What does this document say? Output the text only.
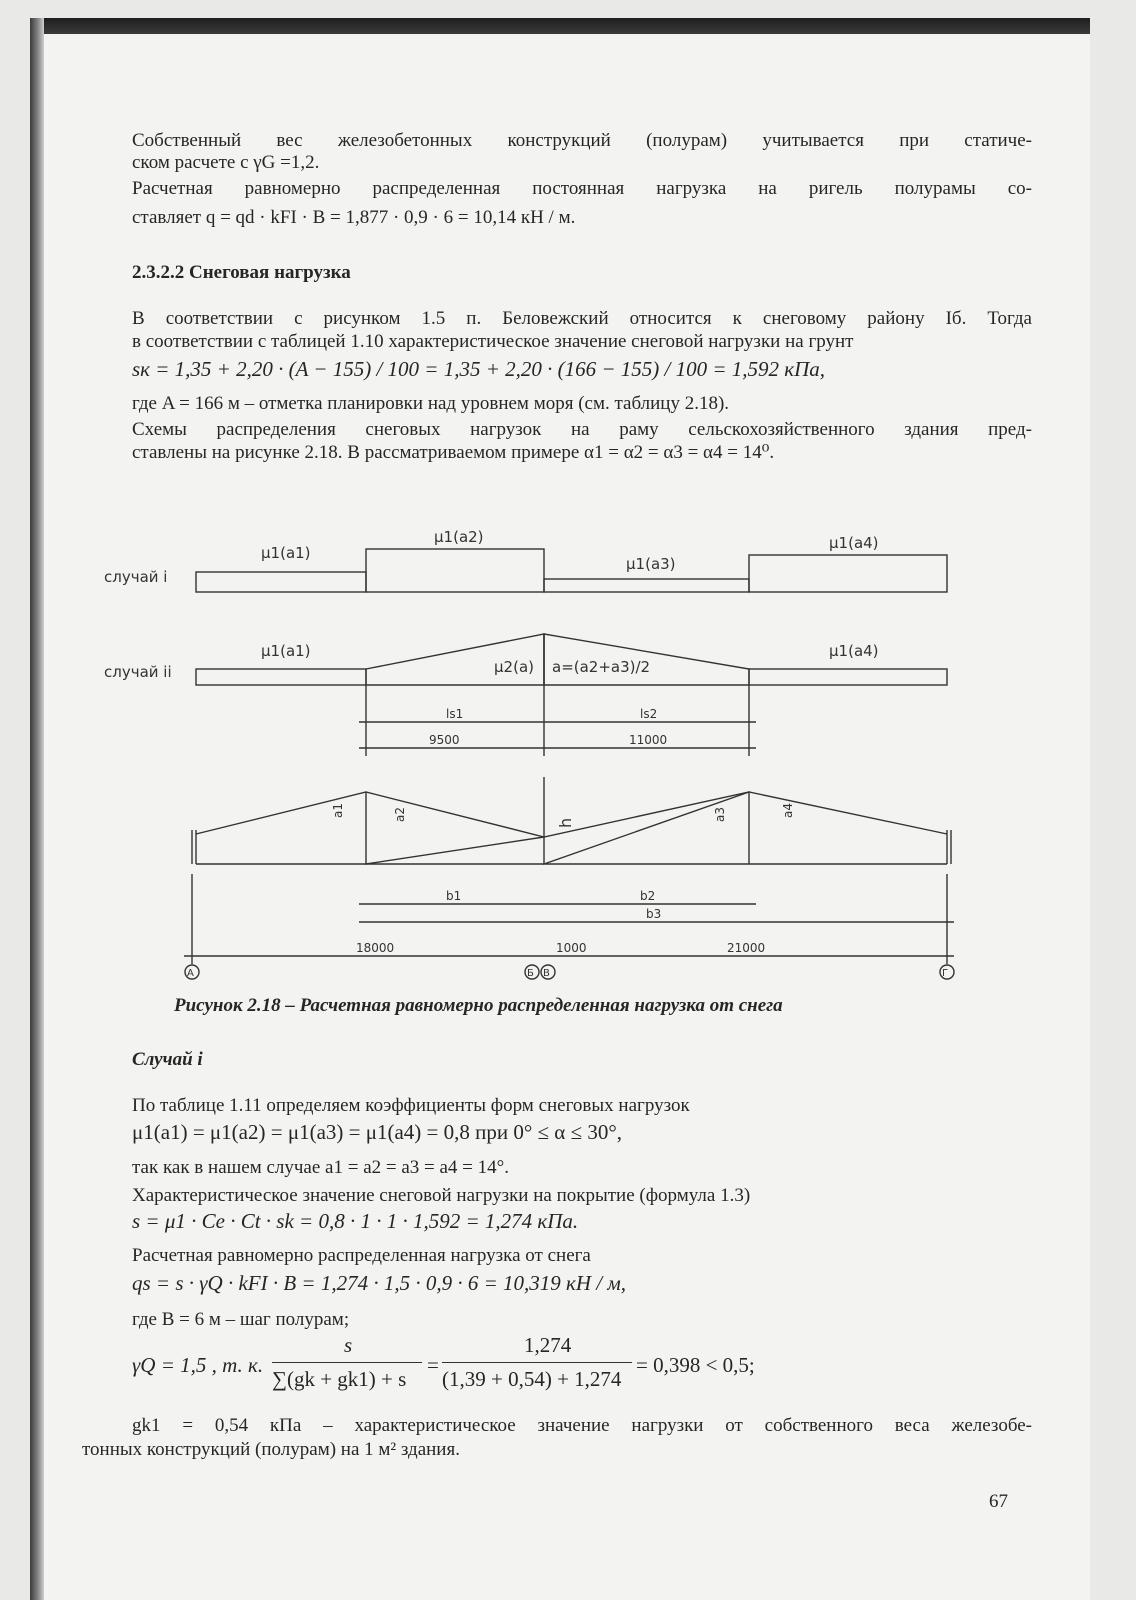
Собственный вес железобетонных конструкций (полурам) учитывается при статиче-
ском расчете с γG =1,2.
Расчетная равномерно распределенная постоянная нагрузка на ригель полурамы со-
ставляет q = qd · kFI · B = 1,877 · 0,9 · 6 = 10,14 кН / м.
2.3.2.2 Снеговая нагрузка
В соответствии с рисунком 1.5 п. Беловежский относится к снеговому району Iб. Тогда
в соответствии с таблицей 1.10 характеристическое значение снеговой нагрузки на грунт
sк = 1,35 + 2,20 · (A − 155) / 100 = 1,35 + 2,20 · (166 − 155) / 100 = 1,592 кПа,
где A = 166 м – отметка планировки над уровнем моря (см. таблицу 2.18).
Схемы распределения снеговых нагрузок на раму сельскохозяйственного здания пред-
ставлены на рисунке 2.18. В рассматриваемом примере α1 = α2 = α3 = α4 = 14⁰.
случай i
μ1(a1)
μ1(a2)
μ1(a3)
μ1(a4)
случай ii
μ1(a1)
μ2(a) a=(a2+a3)/2
μ1(a4)
ls1	ls2
9500	11000
a1	a2
h
a3	a4
b1	b2
b3
18000	1000	21000
А	Б В	Г
Рисунок 2.18 – Расчетная равномерно распределенная нагрузка от снега
Случай i
По таблице 1.11 определяем коэффициенты форм снеговых нагрузок
μ1(a1) = μ1(a2) = μ1(a3) = μ1(a4) = 0,8 при 0° ≤ α ≤ 30°,
так как в нашем случае a1 = a2 = a3 = a4 = 14°.
Характеристическое значение снеговой нагрузки на покрытие (формула 1.3)
s = μ1 · Ce · Ct · sk = 0,8 · 1 · 1 · 1,592 = 1,274 кПа.
Расчетная равномерно распределенная нагрузка от снега
qs = s · γQ · kFI · B = 1,274 · 1,5 · 0,9 · 6 = 10,319 кН / м,
где B = 6 м – шаг полурам;
γQ = 1,5 , т. к.
s
∑(gk + gk1) + s
=
1,274
(1,39 + 0,54) + 1,274
= 0,398 < 0,5;
gk1 = 0,54 кПа – характеристическое значение нагрузки от собственного веса железобе-
тонных конструкций (полурам) на 1 м² здания.
67
